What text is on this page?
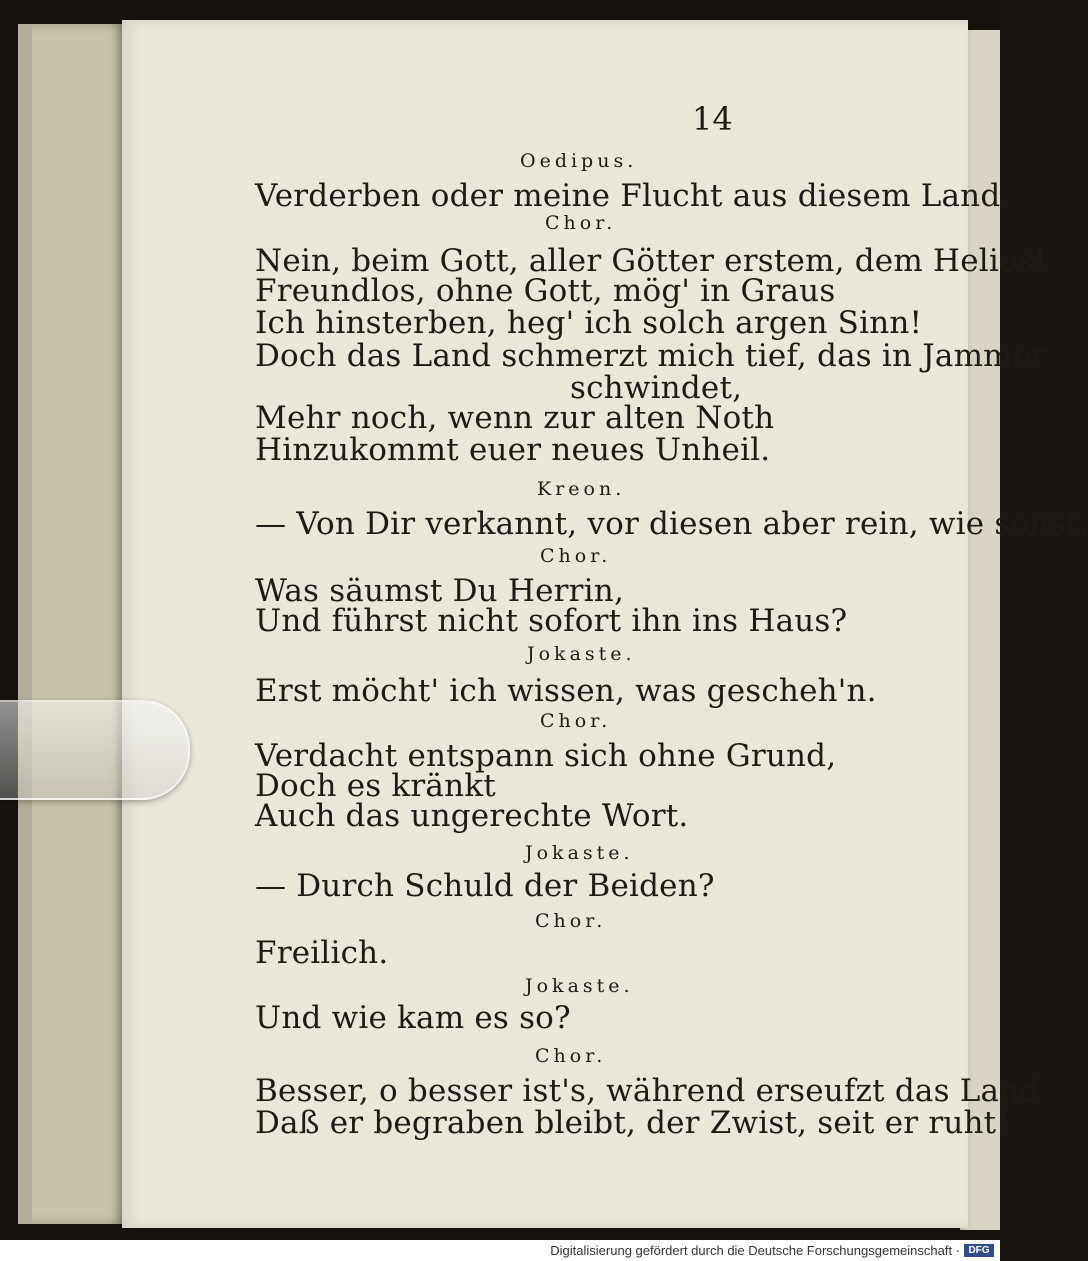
14
Oedipus.
Verderben oder meine Flucht aus diesem Land.
Chor.
Nein, beim Gott, aller Götter erstem, dem Helios!
Freundlos, ohne Gott, mög' in Graus
Ich hinsterben, heg' ich solch argen Sinn!
Doch das Land schmerzt mich tief, das in Jammer
schwindet,
Mehr noch, wenn zur alten Noth
Hinzukommt euer neues Unheil.
Kreon.
— Von Dir verkannt, vor diesen aber rein, wie sonst.
Chor.
Was säumst Du Herrin,
Und führst nicht sofort ihn ins Haus?
Jokaste.
Erst möcht' ich wissen, was gescheh'n.
Chor.
Verdacht entspann sich ohne Grund,
Doch es kränkt
Auch das ungerechte Wort.
Jokaste.
— Durch Schuld der Beiden?
Chor.
Freilich.
Jokaste.
Und wie kam es so?
Chor.
Besser, o besser ist's, während erseufzt das Land
Daß er begraben bleibt, der Zwist, seit er ruht!
Digitalisierung gefördert durch die Deutsche Forschungsgemeinschaft · DFG
